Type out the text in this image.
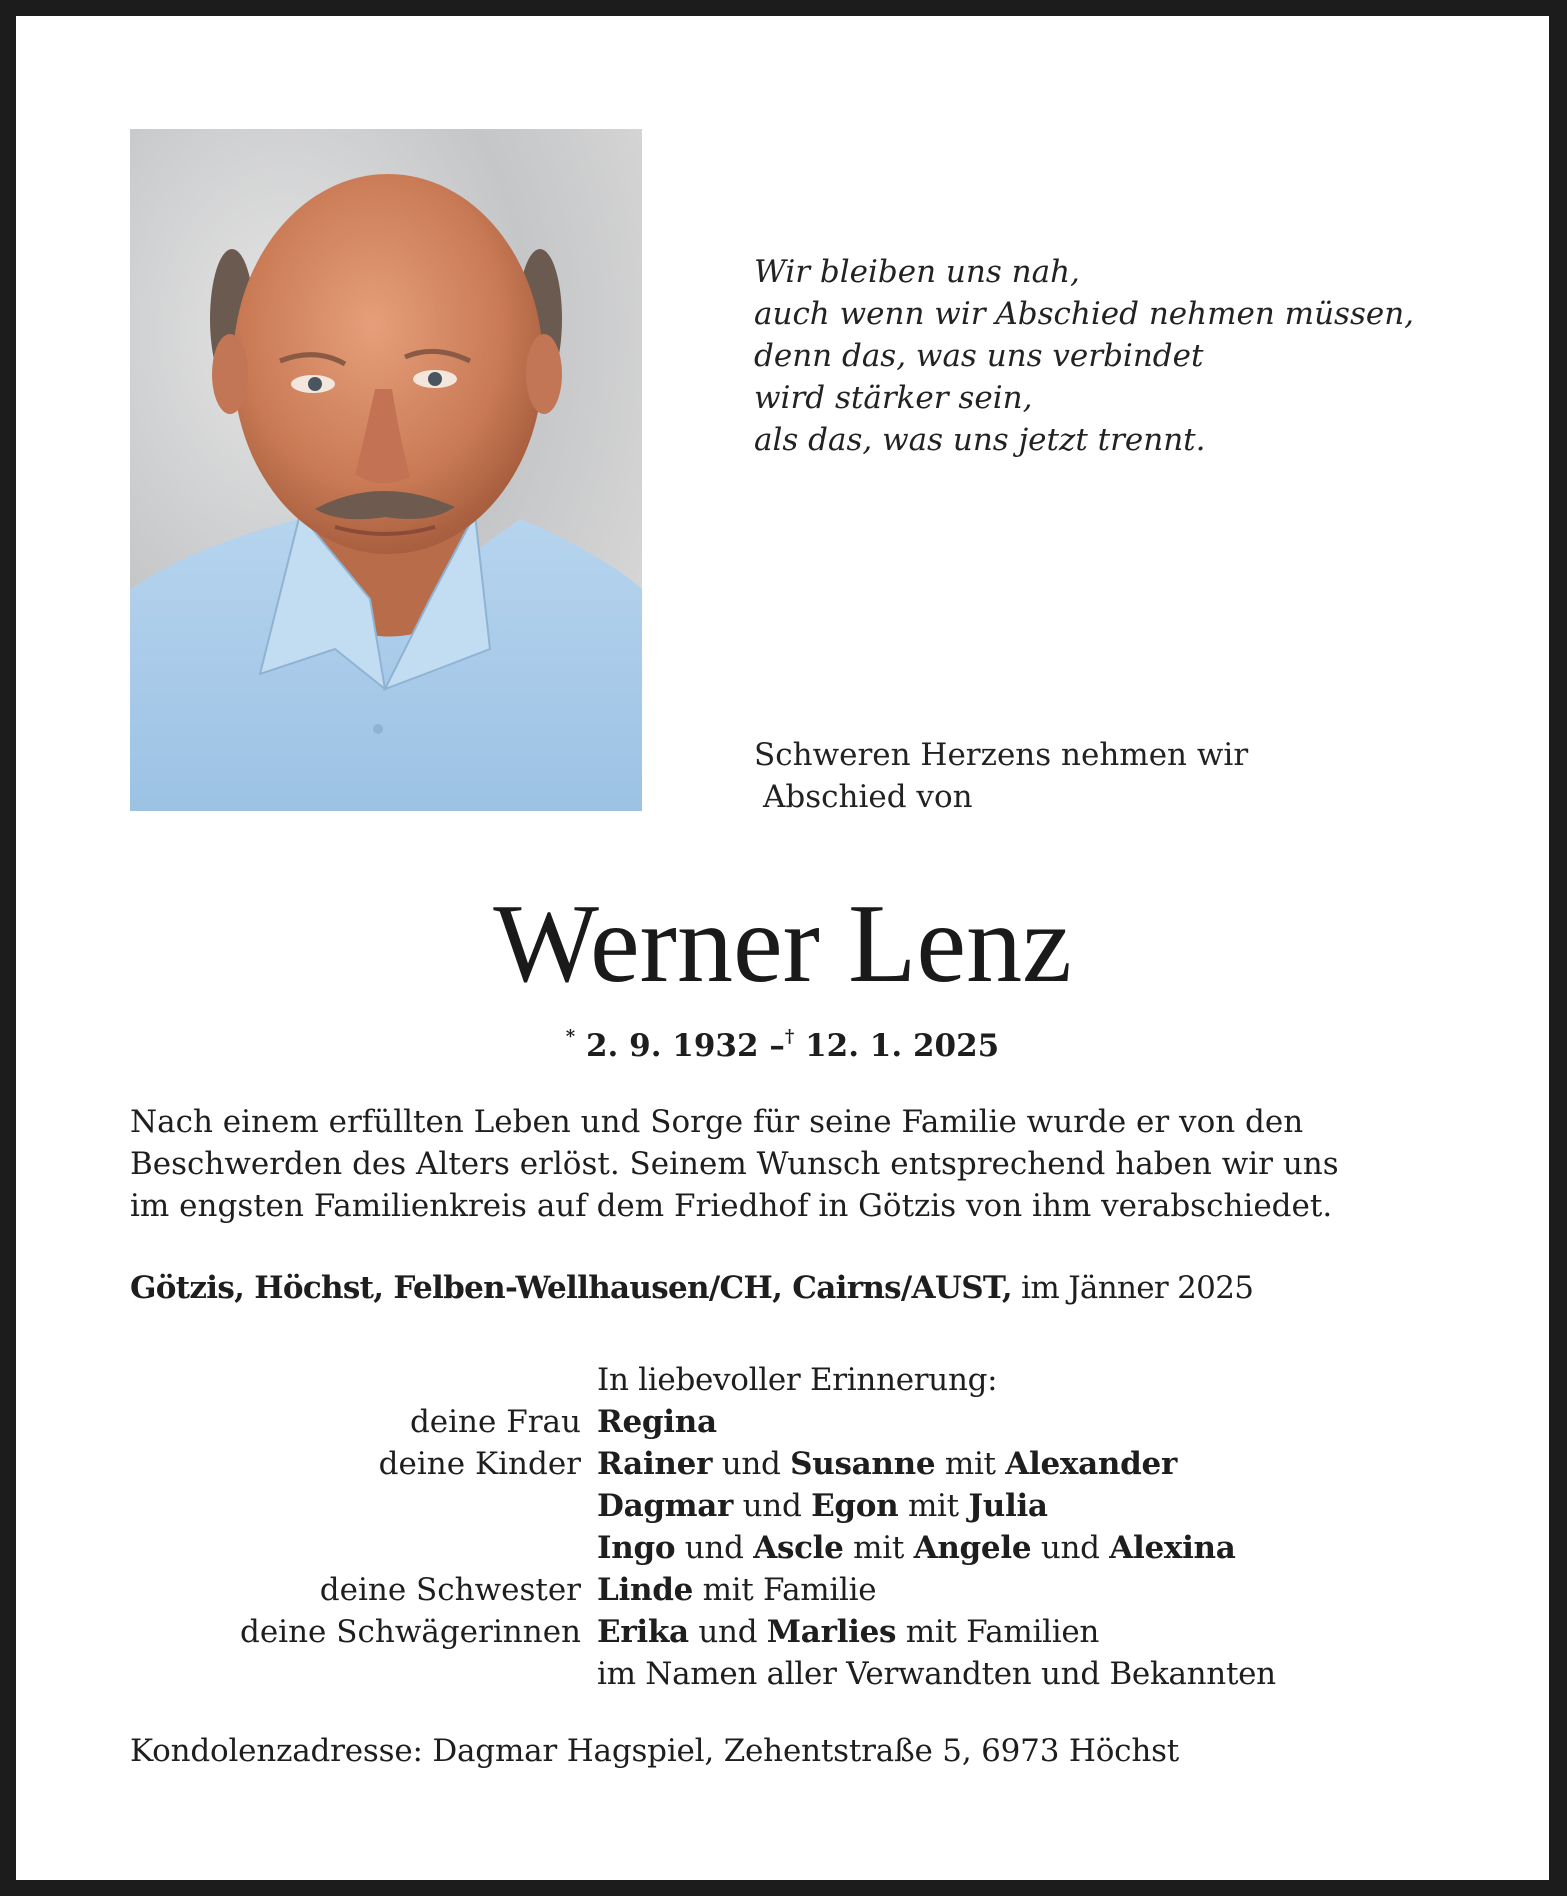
Wir bleiben uns nah,
auch wenn wir Abschied nehmen müssen,
denn das, was uns verbindet
wird stärker sein,
als das, was uns jetzt trennt.
Schweren Herzens nehmen wir
Abschied von
Werner Lenz
* 2. 9. 1932 –† 12. 1. 2025
Nach einem erfüllten Leben und Sorge für seine Familie wurde er von den
Beschwerden des Alters erlöst. Seinem Wunsch entsprechend haben wir uns
im engsten Familienkreis auf dem Friedhof in Götzis von ihm verabschiedet.
Götzis, Höchst, Felben-Wellhausen/CH, Cairns/AUST, im Jänner 2025
In liebevoller Erinnerung:
deine Frau Regina
deine Kinder Rainer und Susanne mit Alexander
Dagmar und Egon mit Julia
Ingo und Ascle mit Angele und Alexina
deine Schwester Linde mit Familie
deine Schwägerinnen Erika und Marlies mit Familien
im Namen aller Verwandten und Bekannten
Kondolenzadresse: Dagmar Hagspiel, Zehentstraße 5, 6973 Höchst
